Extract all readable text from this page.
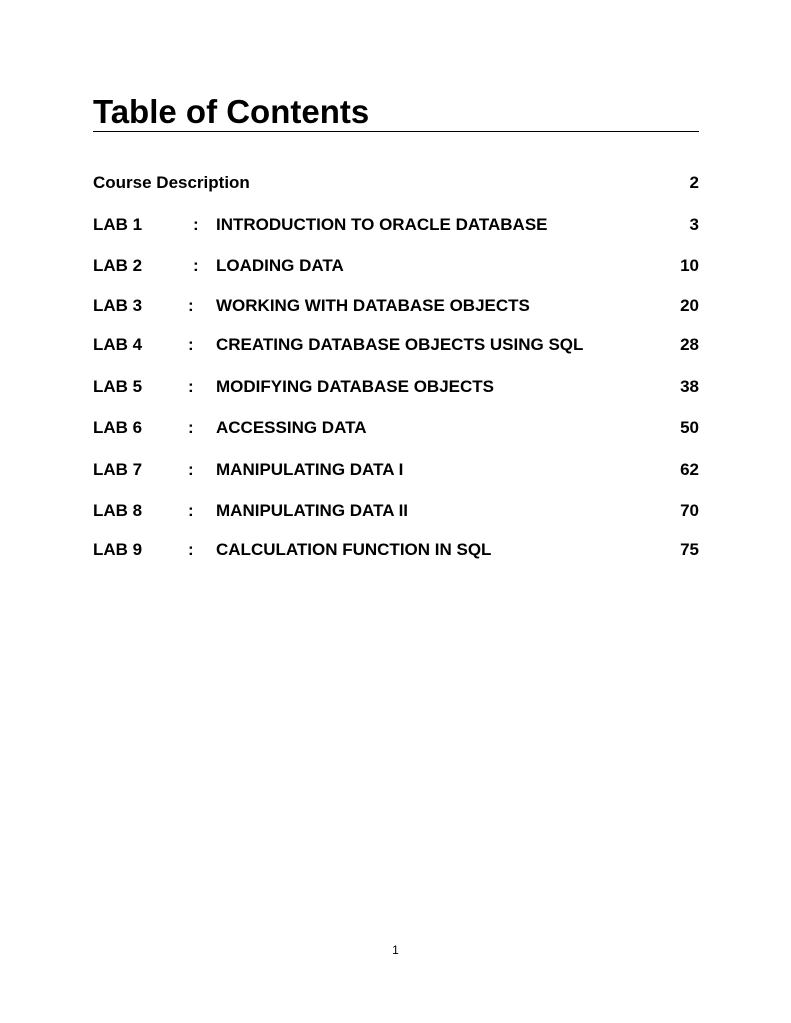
Table of Contents
Course Description	2
LAB 1	: INTRODUCTION TO ORACLE DATABASE	3
LAB 2	: LOADING DATA	10
LAB 3	: WORKING WITH DATABASE OBJECTS	20
LAB 4	: CREATING DATABASE OBJECTS USING SQL	28
LAB 5	: MODIFYING DATABASE OBJECTS	38
LAB 6	: ACCESSING DATA	50
LAB 7	: MANIPULATING DATA I	62
LAB 8	: MANIPULATING DATA II	70
LAB 9	: CALCULATION FUNCTION IN SQL	75
1
